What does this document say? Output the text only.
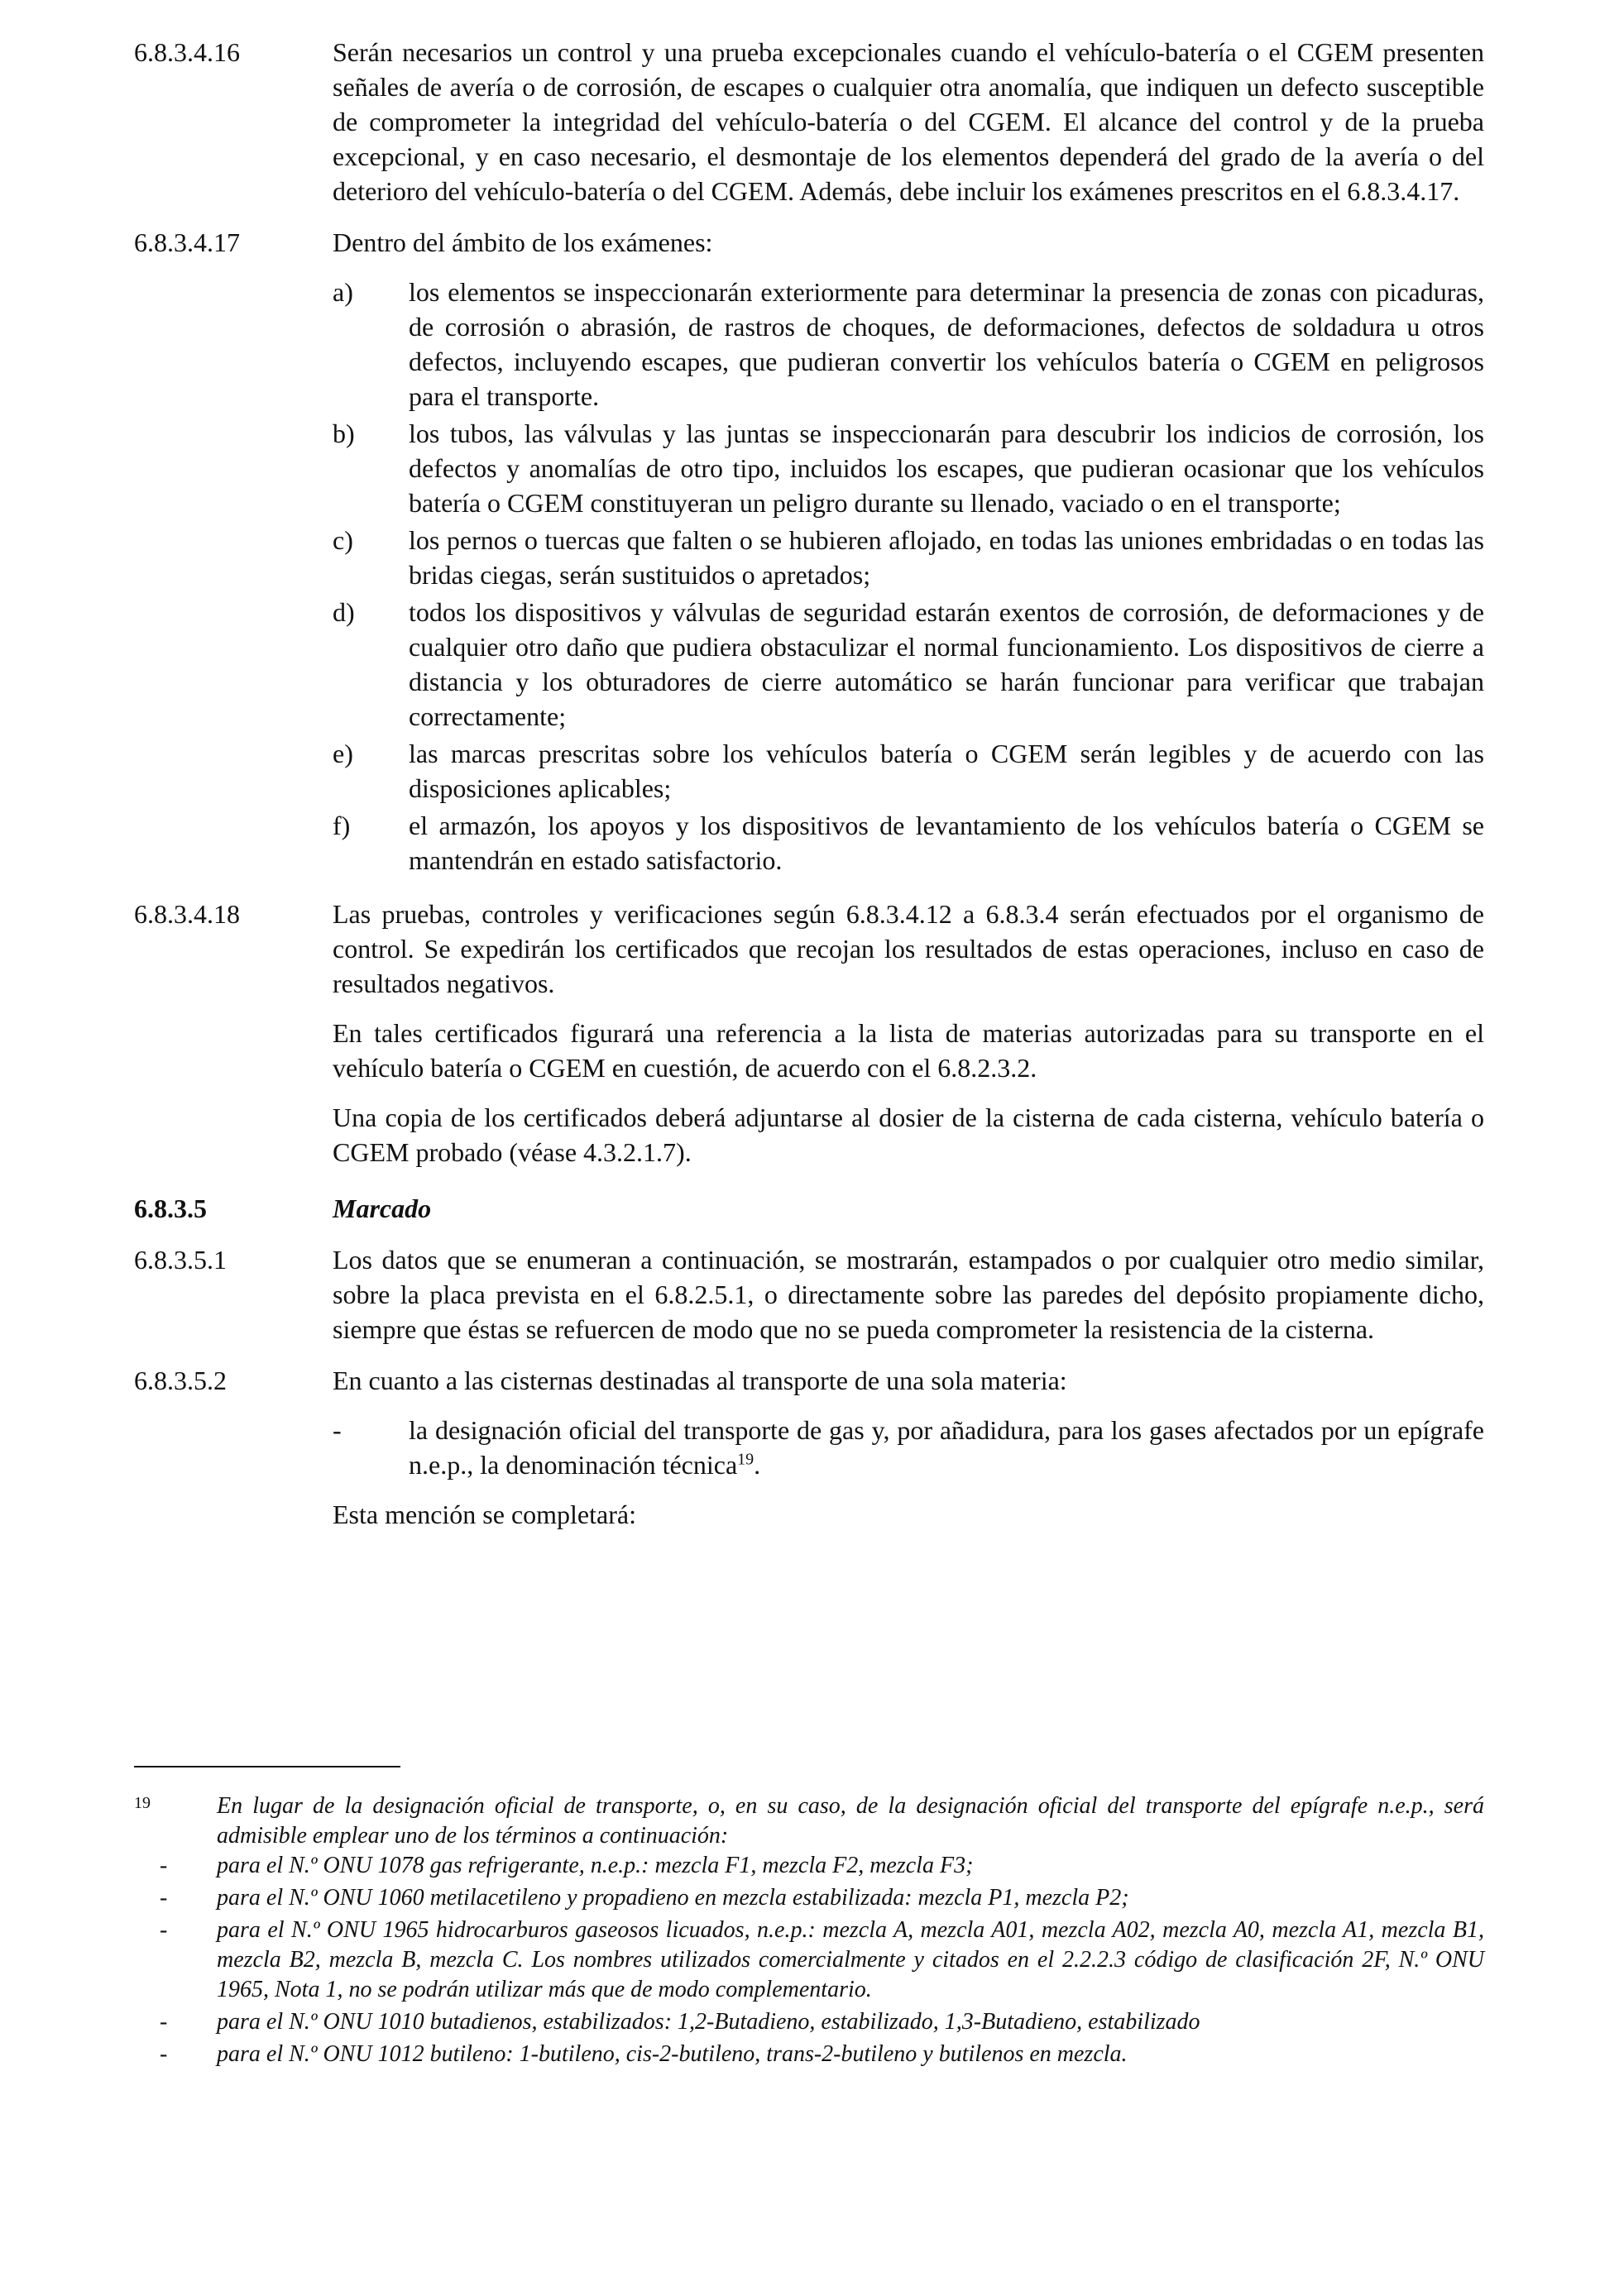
6.8.3.4.16	Serán necesarios un control y una prueba excepcionales cuando el vehículo-batería o el CGEM presenten señales de avería o de corrosión, de escapes o cualquier otra anomalía, que indiquen un defecto susceptible de comprometer la integridad del vehículo-batería o del CGEM. El alcance del control y de la prueba excepcional, y en caso necesario, el desmontaje de los elementos dependerá del grado de la avería o del deterioro del vehículo-batería o del CGEM. Además, debe incluir los exámenes prescritos en el 6.8.3.4.17.

6.8.3.4.17	Dentro del ámbito de los exámenes:

a)	los elementos se inspeccionarán exteriormente para determinar la presencia de zonas con picaduras, de corrosión o abrasión, de rastros de choques, de deformaciones, defectos de soldadura u otros defectos, incluyendo escapes, que pudieran convertir los vehículos batería o CGEM en peligrosos para el transporte.
b)	los tubos, las válvulas y las juntas se inspeccionarán para descubrir los indicios de corrosión, los defectos y anomalías de otro tipo, incluidos los escapes, que pudieran ocasionar que los vehículos batería o CGEM constituyeran un peligro durante su llenado, vaciado o en el transporte;
c)	los pernos o tuercas que falten o se hubieren aflojado, en todas las uniones embridadas o en todas las bridas ciegas, serán sustituidos o apretados;
d)	todos los dispositivos y válvulas de seguridad estarán exentos de corrosión, de deformaciones y de cualquier otro daño que pudiera obstaculizar el normal funcionamiento. Los dispositivos de cierre a distancia y los obturadores de cierre automático se harán funcionar para verificar que trabajan correctamente;
e)	las marcas prescritas sobre los vehículos batería o CGEM serán legibles y de acuerdo con las disposiciones aplicables;
f)	el armazón, los apoyos y los dispositivos de levantamiento de los vehículos batería o CGEM se mantendrán en estado satisfactorio.
6.8.3.4.18	Las pruebas, controles y verificaciones según 6.8.3.4.12 a 6.8.3.4 serán efectuados por el organismo de control. Se expedirán los certificados que recojan los resultados de estas operaciones, incluso en caso de resultados negativos.

En tales certificados figurará una referencia a la lista de materias autorizadas para su transporte en el vehículo batería o CGEM en cuestión, de acuerdo con el 6.8.2.3.2.

Una copia de los certificados deberá adjuntarse al dosier de la cisterna de cada cisterna, vehículo batería o CGEM probado (véase 4.3.2.1.7).

6.8.3.5	Marcado
6.8.3.5.1	Los datos que se enumeran a continuación, se mostrarán, estampados o por cualquier otro medio similar, sobre la placa prevista en el 6.8.2.5.1, o directamente sobre las paredes del depósito propiamente dicho, siempre que éstas se refuercen de modo que no se pueda comprometer la resistencia de la cisterna.

6.8.3.5.2	En cuanto a las cisternas destinadas al transporte de una sola materia:

-	la designación oficial del transporte de gas y, por añadidura, para los gases afectados por un epígrafe n.e.p., la denominación técnica$^{19}$.

Esta mención se completará:

19	En lugar de la designación oficial de transporte, o, en su caso, de la designación oficial del transporte del epígrafe n.e.p., será admisible emplear uno de los términos a continuación:
-	para el N.º ONU 1078 gas refrigerante, n.e.p.: mezcla F1, mezcla F2, mezcla F3;
-	para el N.º ONU 1060 metilacetileno y propadieno en mezcla estabilizada: mezcla P1, mezcla P2;
-	para el N.º ONU 1965 hidrocarburos gaseosos licuados, n.e.p.: mezcla A, mezcla A01, mezcla A02, mezcla A0, mezcla A1, mezcla B1, mezcla B2, mezcla B, mezcla C. Los nombres utilizados comercialmente y citados en el 2.2.2.3 código de clasificación 2F, N.º ONU 1965, Nota 1, no se podrán utilizar más que de modo complementario.
-	para el N.º ONU 1010 butadienos, estabilizados: 1,2-Butadieno, estabilizado, 1,3-Butadieno, estabilizado
-	para el N.º ONU 1012 butileno: 1-butileno, cis-2-butileno, trans-2-butileno y butilenos en mezcla.
